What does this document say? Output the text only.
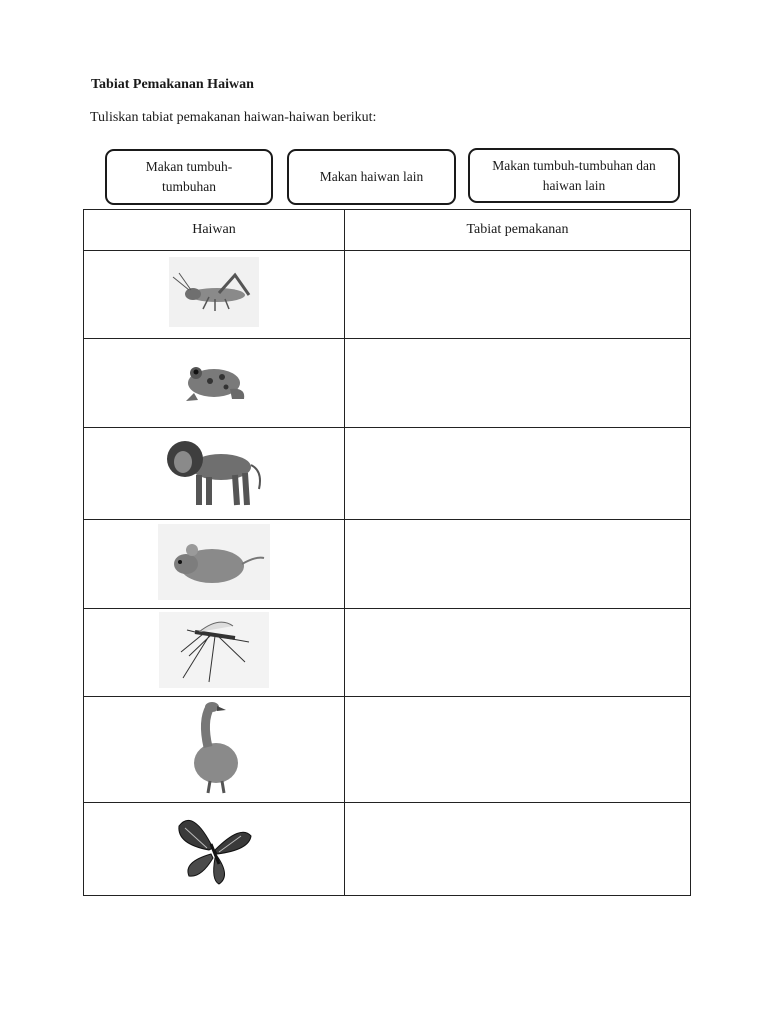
Tabiat Pemakanan Haiwan
Tuliskan tabiat pemakanan haiwan-haiwan berikut:
Makan tumbuh-tumbuhan
Makan haiwan lain
Makan tumbuh-tumbuhan dan haiwan lain
Haiwan	Tabiat pemakanan
